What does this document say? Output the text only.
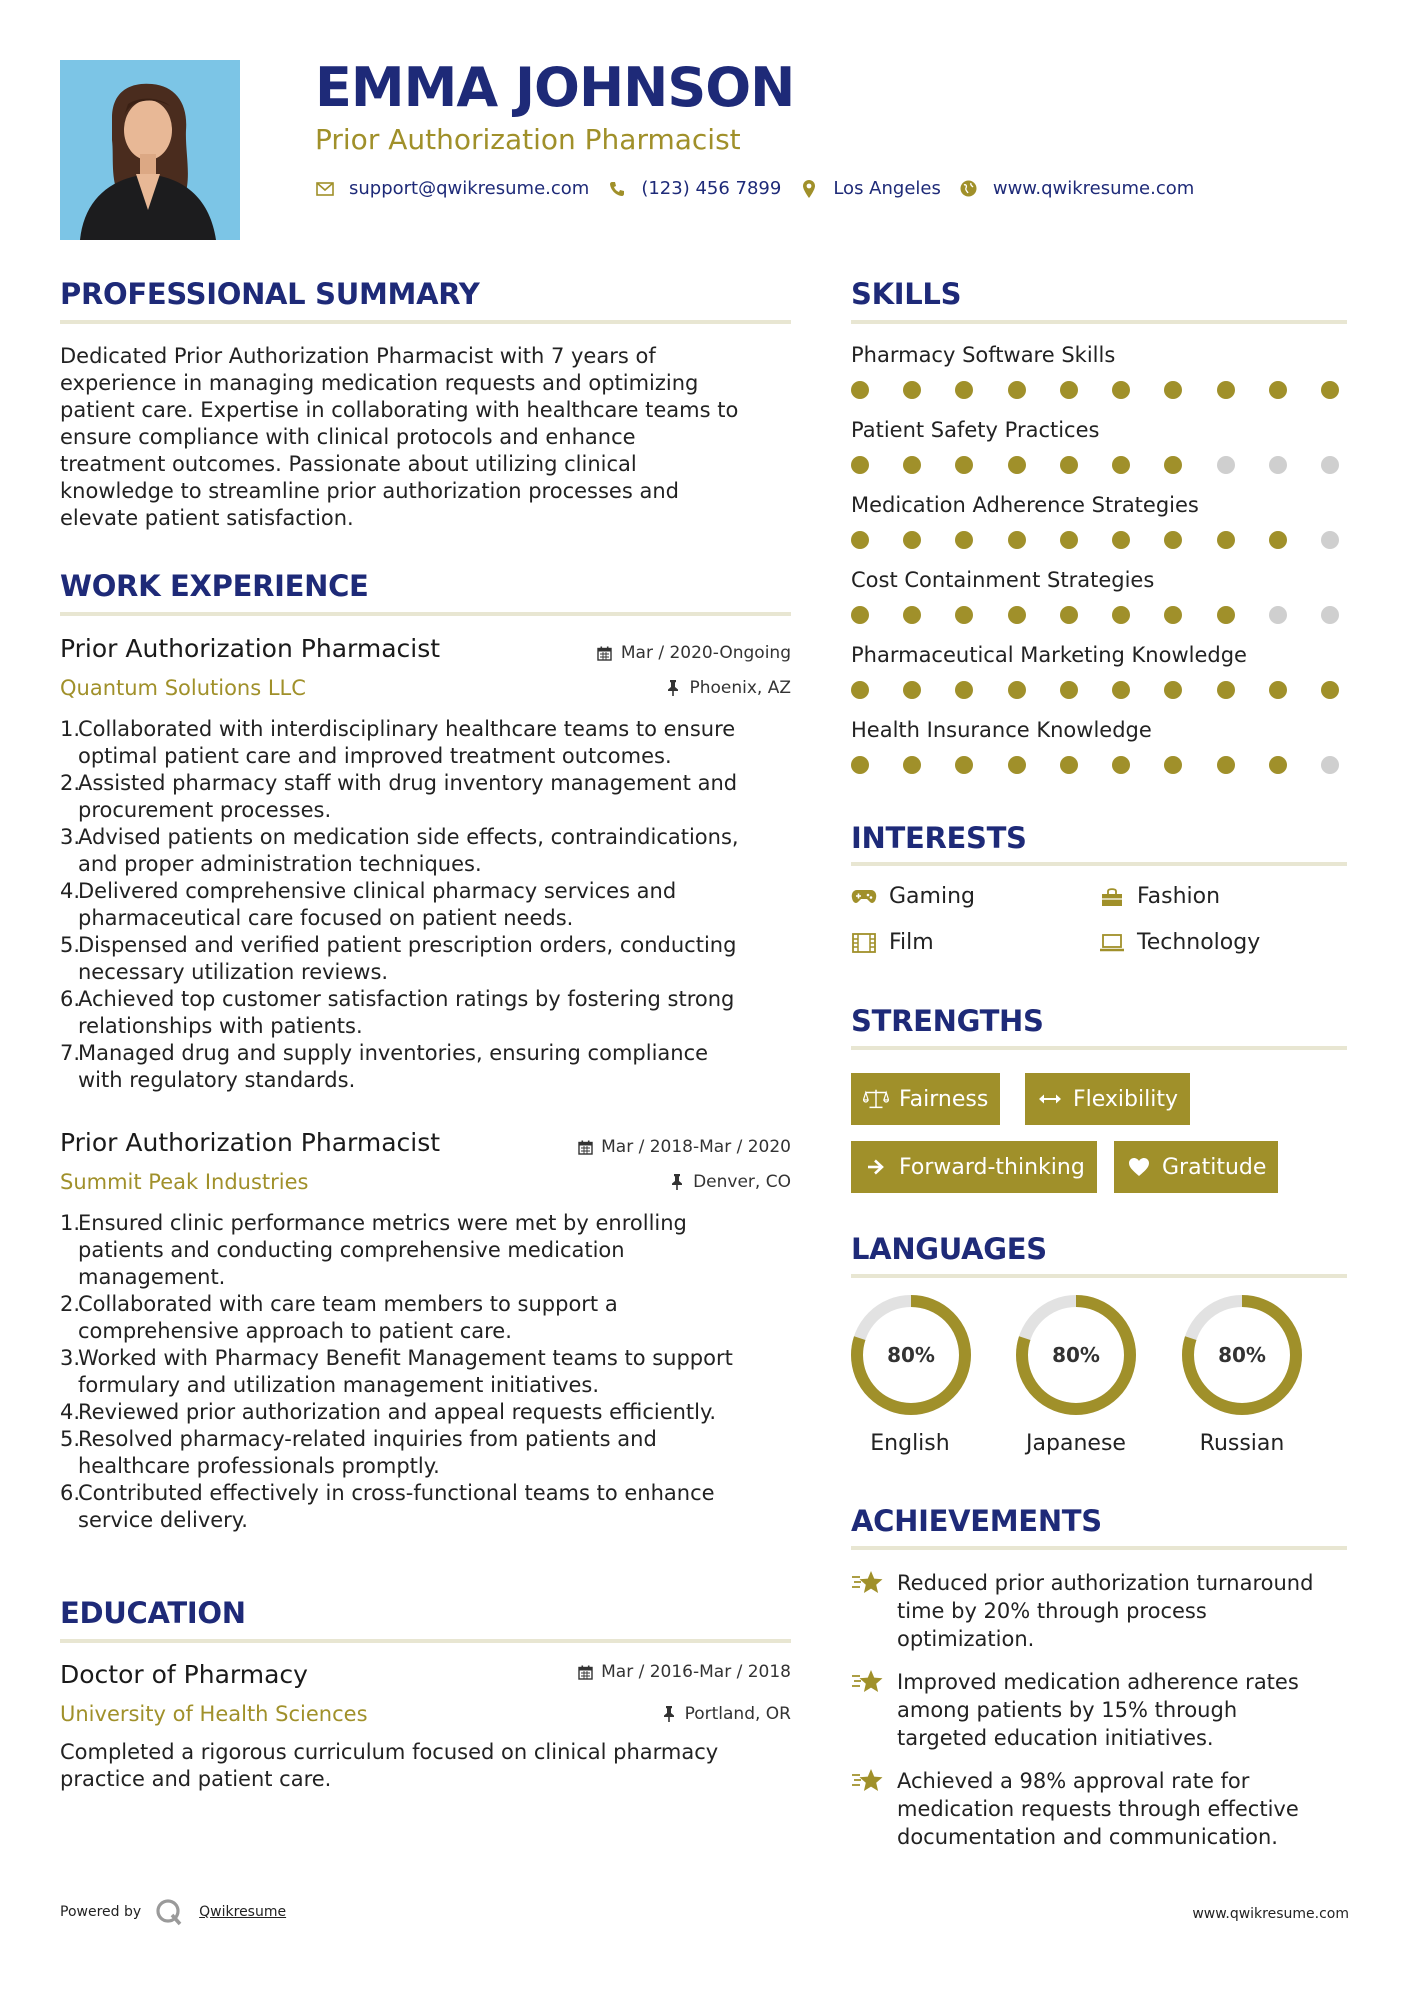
EMMA JOHNSON
Prior Authorization Pharmacist
support@qwikresume.com	(123) 456 7899	Los Angeles	www.qwikresume.com
PROFESSIONAL SUMMARY
Dedicated Prior Authorization Pharmacist with 7 years of
experience in managing medication requests and optimizing
patient care. Expertise in collaborating with healthcare teams to
ensure compliance with clinical protocols and enhance
treatment outcomes. Passionate about utilizing clinical
knowledge to streamline prior authorization processes and
elevate patient satisfaction.
WORK EXPERIENCE
Prior Authorization Pharmacist	Mar / 2020-Ongoing
Quantum Solutions LLC	Phoenix, AZ
1.
Collaborated with interdisciplinary healthcare teams to ensure
optimal patient care and improved treatment outcomes.
2.
Assisted pharmacy staff with drug inventory management and
procurement processes.
3.
Advised patients on medication side effects, contraindications,
and proper administration techniques.
4.
Delivered comprehensive clinical pharmacy services and
pharmaceutical care focused on patient needs.
5.
Dispensed and verified patient prescription orders, conducting
necessary utilization reviews.
6.
Achieved top customer satisfaction ratings by fostering strong
relationships with patients.
7.
Managed drug and supply inventories, ensuring compliance
with regulatory standards.
Prior Authorization Pharmacist	Mar / 2018-Mar / 2020
Summit Peak Industries	Denver, CO
1.
Ensured clinic performance metrics were met by enrolling
patients and conducting comprehensive medication
management.
2.
Collaborated with care team members to support a
comprehensive approach to patient care.
3.
Worked with Pharmacy Benefit Management teams to support
formulary and utilization management initiatives.
4.
Reviewed prior authorization and appeal requests efficiently.
5.
Resolved pharmacy-related inquiries from patients and
healthcare professionals promptly.
6.
Contributed effectively in cross-functional teams to enhance
service delivery.
EDUCATION
Doctor of Pharmacy	Mar / 2016-Mar / 2018
University of Health Sciences	Portland, OR
Completed a rigorous curriculum focused on clinical pharmacy
practice and patient care.
SKILLS
Pharmacy Software Skills
Patient Safety Practices
Medication Adherence Strategies
Cost Containment Strategies
Pharmaceutical Marketing Knowledge
Health Insurance Knowledge
INTERESTS
Gaming	Fashion
Film	Technology
STRENGTHS
Fairness	Flexibility
Forward-thinking	Gratitude
LANGUAGES
80%
English
80%
Japanese
80%
Russian
ACHIEVEMENTS
Reduced prior authorization turnaround
time by 20% through process
optimization.
Improved medication adherence rates
among patients by 15% through
targeted education initiatives.
Achieved a 98% approval rate for
medication requests through effective
documentation and communication.
Powered by	Qwikresume	www.qwikresume.com
